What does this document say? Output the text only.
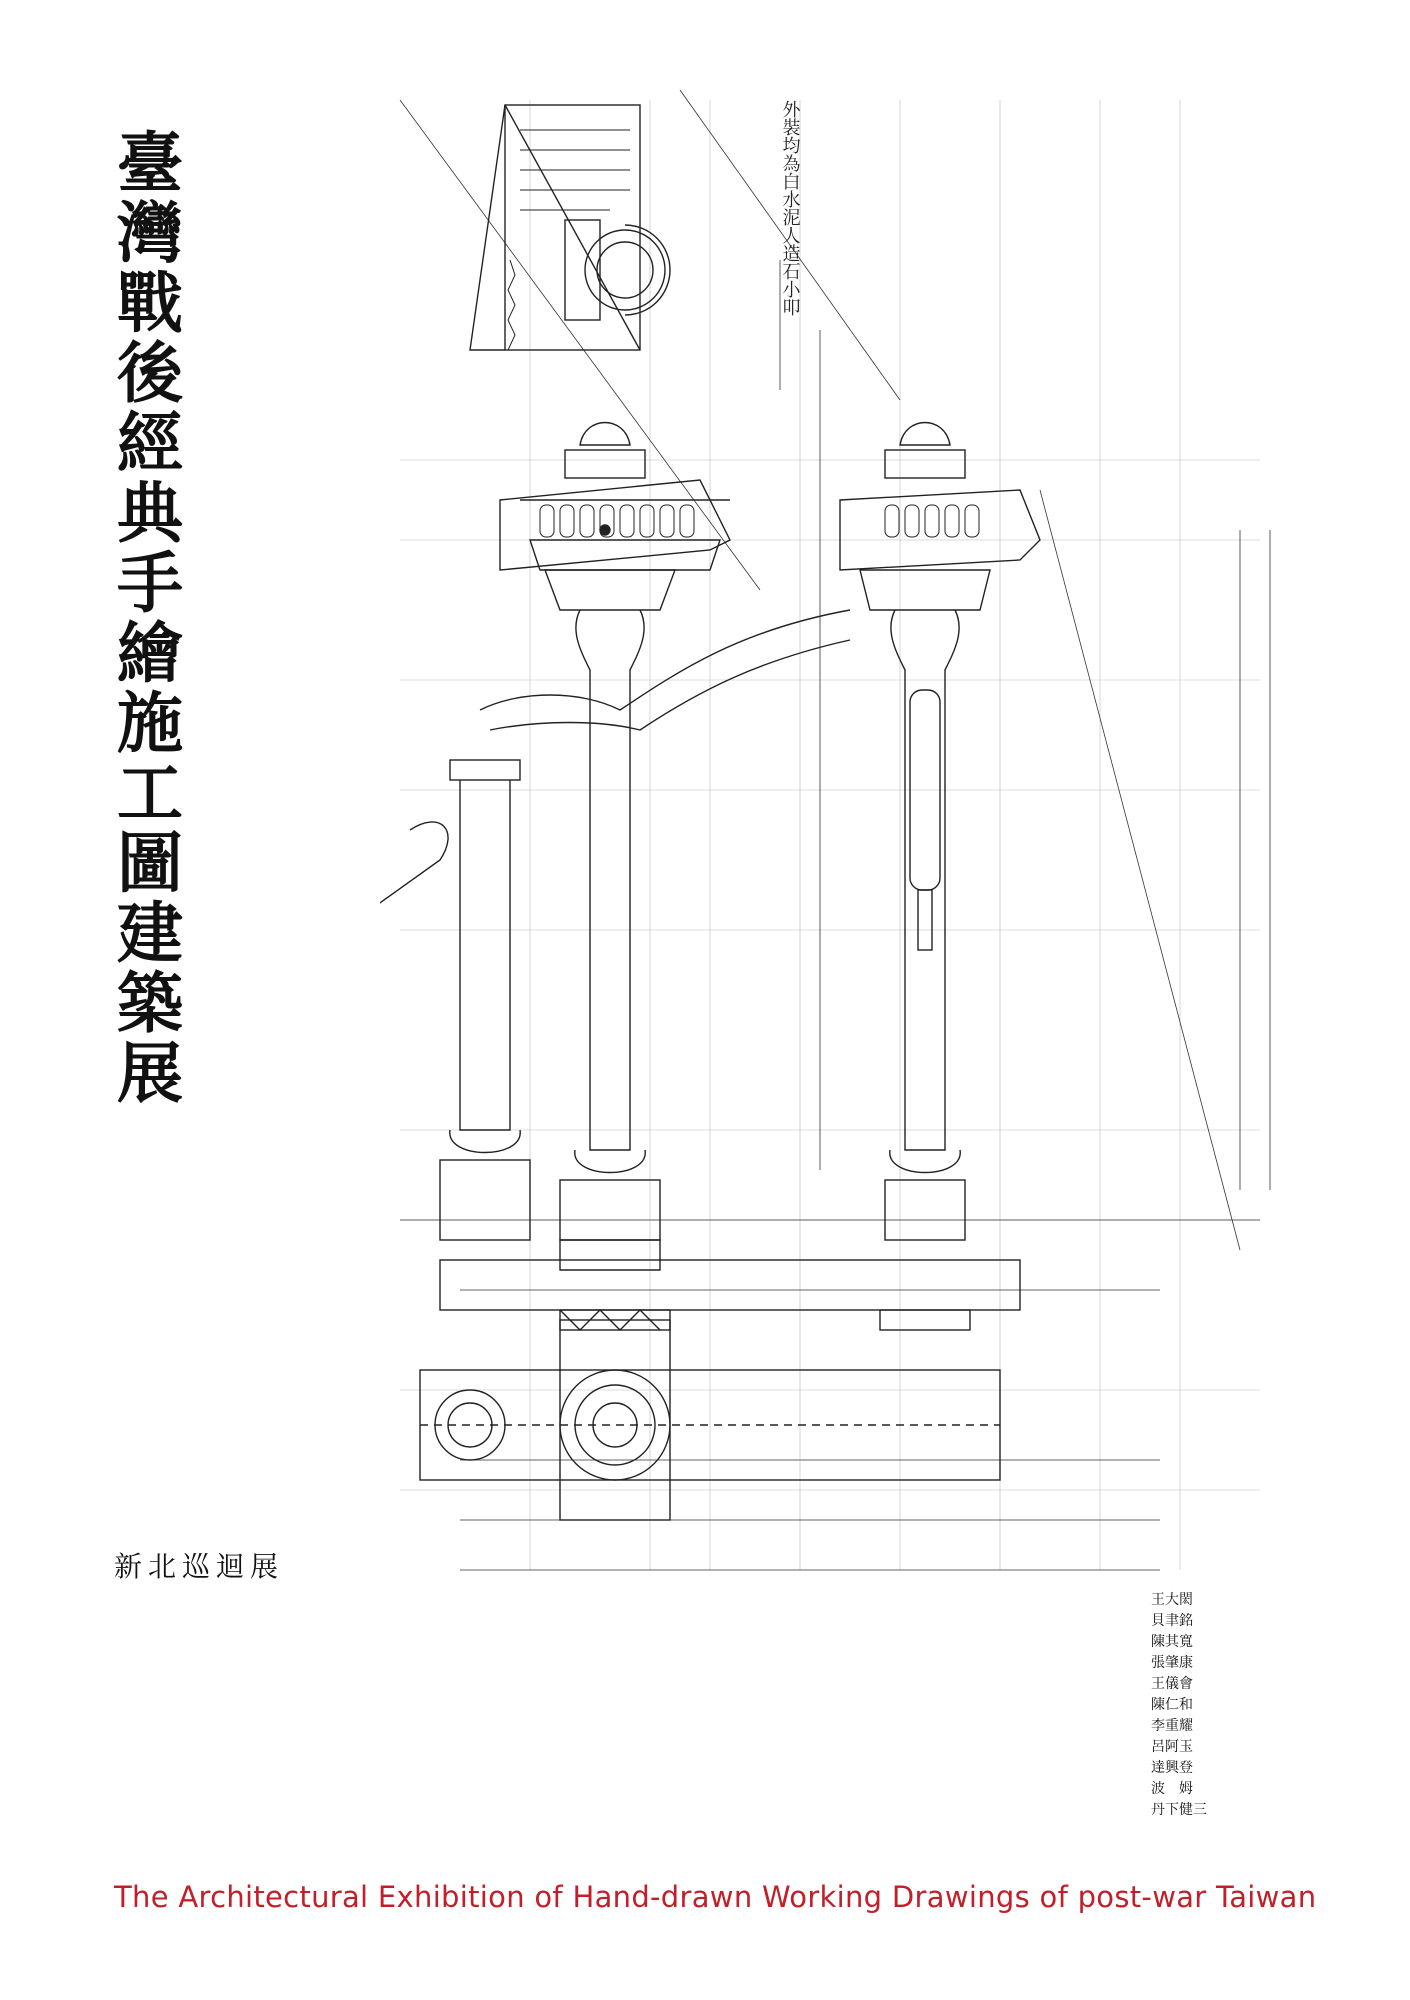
臺
灣
戰
後
經
典
手
繪
施
工
圖
建
築
展
新北巡迴展
外裝均為白水泥人造石小叩
王大閎
貝聿銘
陳其寬
張肇康
王儀會
陳仁和
李重耀
呂阿玉
達興登
波　姆
丹下健三
The Architectural Exhibition of Hand-drawn Working Drawings of post-war Taiwan
